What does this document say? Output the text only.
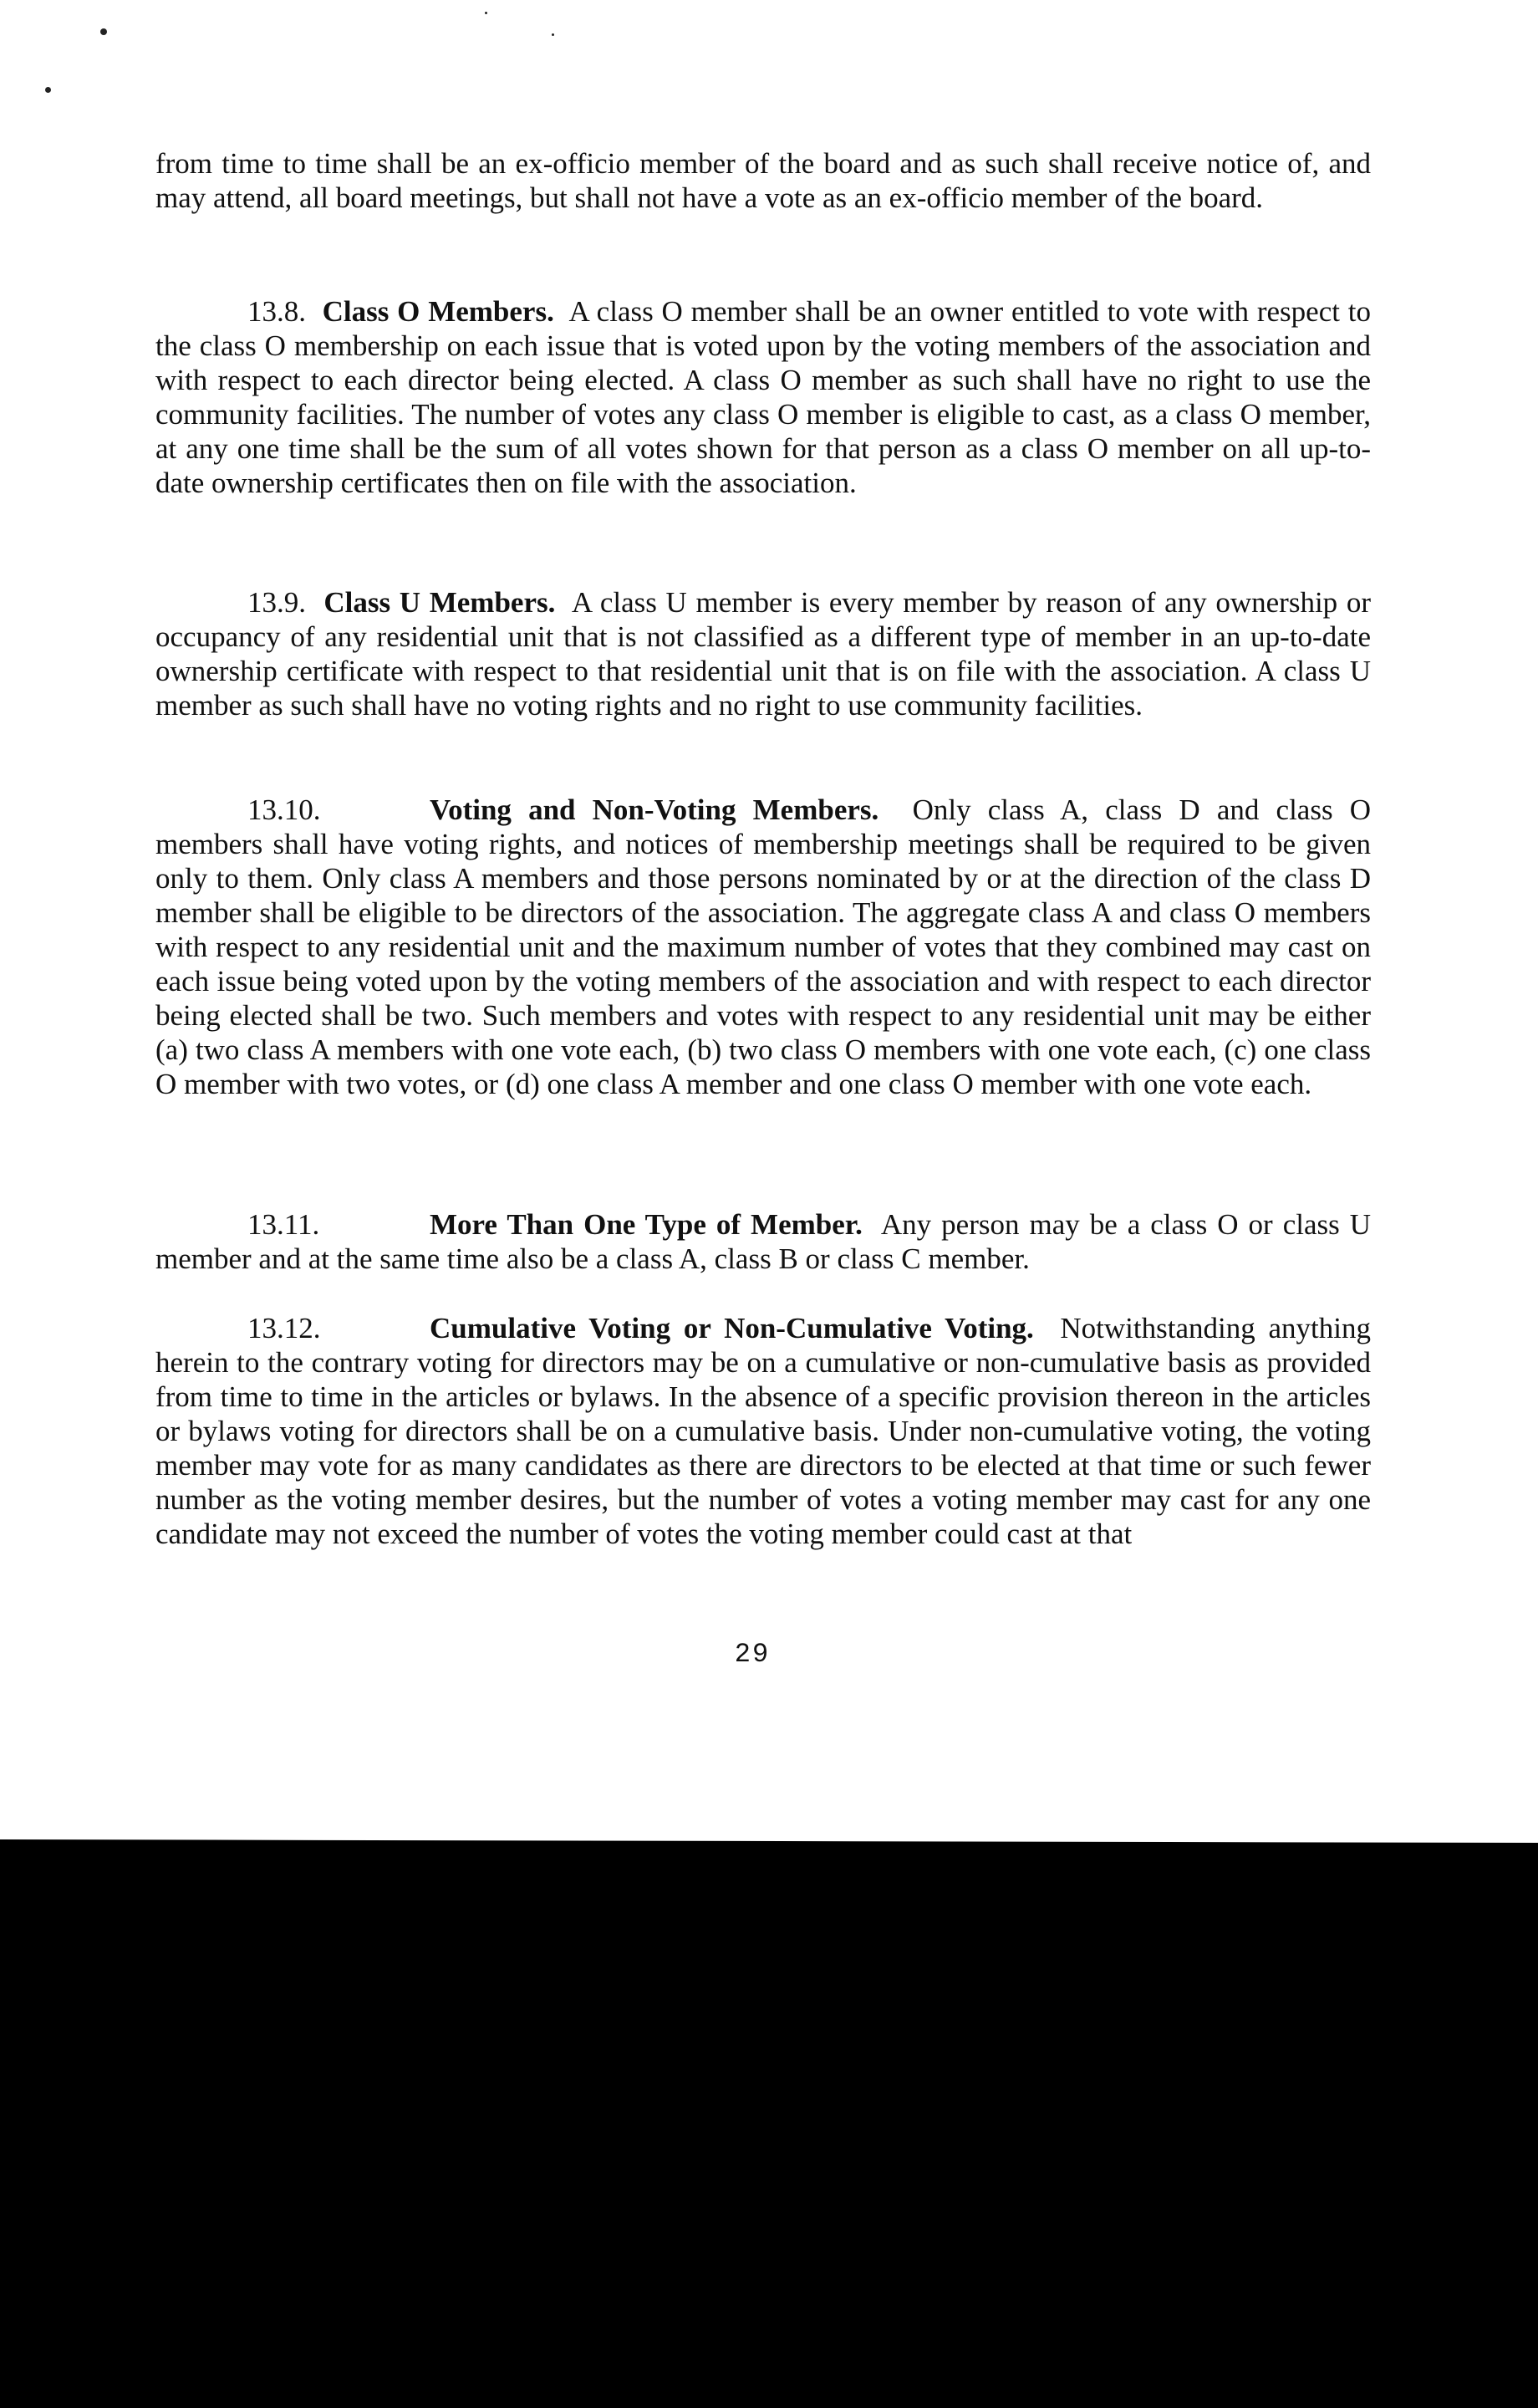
from time to time shall be an ex-officio member of the board and as such shall receive notice of, and may attend, all board meetings, but shall not have a vote as an ex-officio member of the board.

13.8. Class O Members. A class O member shall be an owner entitled to vote with respect to the class O membership on each issue that is voted upon by the voting members of the association and with respect to each director being elected. A class O member as such shall have no right to use the community facilities. The number of votes any class O member is eligible to cast, as a class O member, at any one time shall be the sum of all votes shown for that person as a class O member on all up-to-date ownership certificates then on file with the association.

13.9. Class U Members. A class U member is every member by reason of any ownership or occupancy of any residential unit that is not classified as a different type of member in an up-to-date ownership certificate with respect to that residential unit that is on file with the association. A class U member as such shall have no voting rights and no right to use community facilities.

13.10.	Voting and Non-Voting Members. Only class A, class D and class O members shall have voting rights, and notices of membership meetings shall be required to be given only to them. Only class A members and those persons nominated by or at the direction of the class D member shall be eligible to be directors of the association. The aggregate class A and class O members with respect to any residential unit and the maximum number of votes that they combined may cast on each issue being voted upon by the voting members of the association and with respect to each director being elected shall be two. Such members and votes with respect to any residential unit may be either (a) two class A members with one vote each, (b) two class O members with one vote each, (c) one class O member with two votes, or (d) one class A member and one class O member with one vote each.

13.11.	More Than One Type of Member. Any person may be a class O or class U member and at the same time also be a class A, class B or class C member.

13.12.	Cumulative Voting or Non-Cumulative Voting. Notwithstanding anything herein to the contrary voting for directors may be on a cumulative or non-cumulative basis as provided from time to time in the articles or bylaws. In the absence of a specific provision thereon in the articles or bylaws voting for directors shall be on a cumulative basis. Under non-cumulative voting, the voting member may vote for as many candidates as there are directors to be elected at that time or such fewer number as the voting member desires, but the number of votes a voting member may cast for any one candidate may not exceed the number of votes the voting member could cast at that

29
